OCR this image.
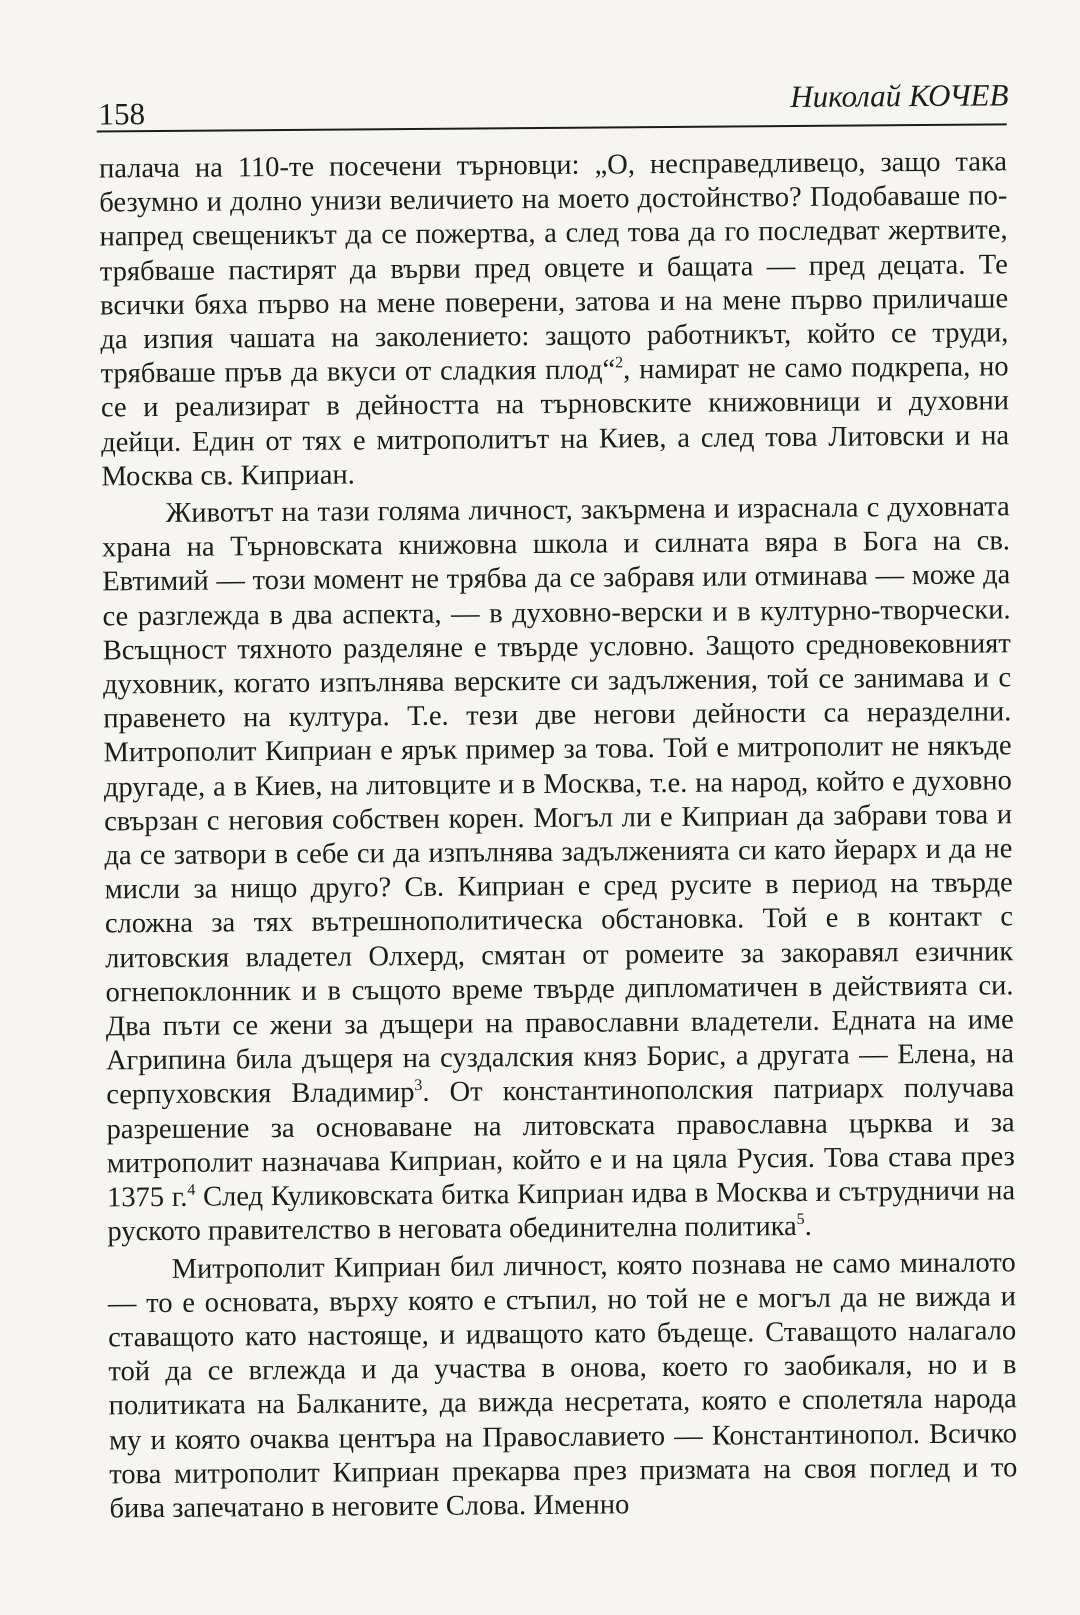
158	Николай КОЧЕВ

палача на 110-те посечени търновци: „О, несправедливецо, защо така безумно и долно унизи величието на моето достойнство? Подобаваше по-напред свещеникът да се пожертва, а след това да го последват жертвите, трябваше пастирят да върви пред овцете и бащата — пред децата. Те всички бяха първо на мене поверени, затова и на мене първо приличаше да изпия чашата на заколението: защото работникът, който се труди, трябваше пръв да вкуси от сладкия плод“$^2$, намират не само подкрепа, но се и реализират в дейността на търновските книжовници и духовни дейци. Един от тях е митрополитът на Киев, а след това Литовски и на Москва св. Киприан.

Животът на тази голяма личност, закърмена и израснала с духовната храна на Търновската книжовна школа и силната вяра в Бога на св. Евтимий — този момент не трябва да се забравя или отминава — може да се разглежда в два аспекта, — в духовно-верски и в културно-творчески. Всъщност тяхното разделяне е твърде условно. Защото средновековният духовник, когато изпълнява верските си задължения, той се занимава и с правенето на култура. Т.е. тези две негови дейности са неразделни. Митрополит Киприан е ярък пример за това. Той е митрополит не някъде другаде, а в Киев, на литовците и в Москва, т.е. на народ, който е духовно свързан с неговия собствен корен. Могъл ли е Киприан да забрави това и да се затвори в себе си да изпълнява задълженията си като йерарх и да не мисли за нищо друго? Св. Киприан е сред русите в период на твърде сложна за тях вътрешнополитическа обстановка. Той е в контакт с литовския владетел Олхерд, смятан от ромеите за закоравял езичник огнепоклонник и в същото време твърде дипломатичен в действията си. Два пъти се жени за дъщери на православни владетели. Едната на име Агрипина била дъщеря на суздалския княз Борис, а другата — Елена, на серпуховския Владимир$^3$. От константинополския патриарх получава разрешение за основаване на литовската православна църква и за митрополит назначава Киприан, който е и на цяла Русия. Това става през 1375 г.$^4$ След Куликовската битка Киприан идва в Москва и сътрудничи на руското правителство в неговата обединителна политика$^5$.

Митрополит Киприан бил личност, която познава не само миналото — то е основата, върху която е стъпил, но той не е могъл да не вижда и ставащото като настояще, и идващото като бъдеще. Ставащото налагало той да се вглежда и да участва в онова, което го заобикаля, но и в политиката на Балканите, да вижда несретата, която е сполетяла народа му и която очаква центъра на Православието — Константинопол. Всичко това митрополит Киприан прекарва през призмата на своя поглед и то бива запечатано в неговите Слова. Именно
